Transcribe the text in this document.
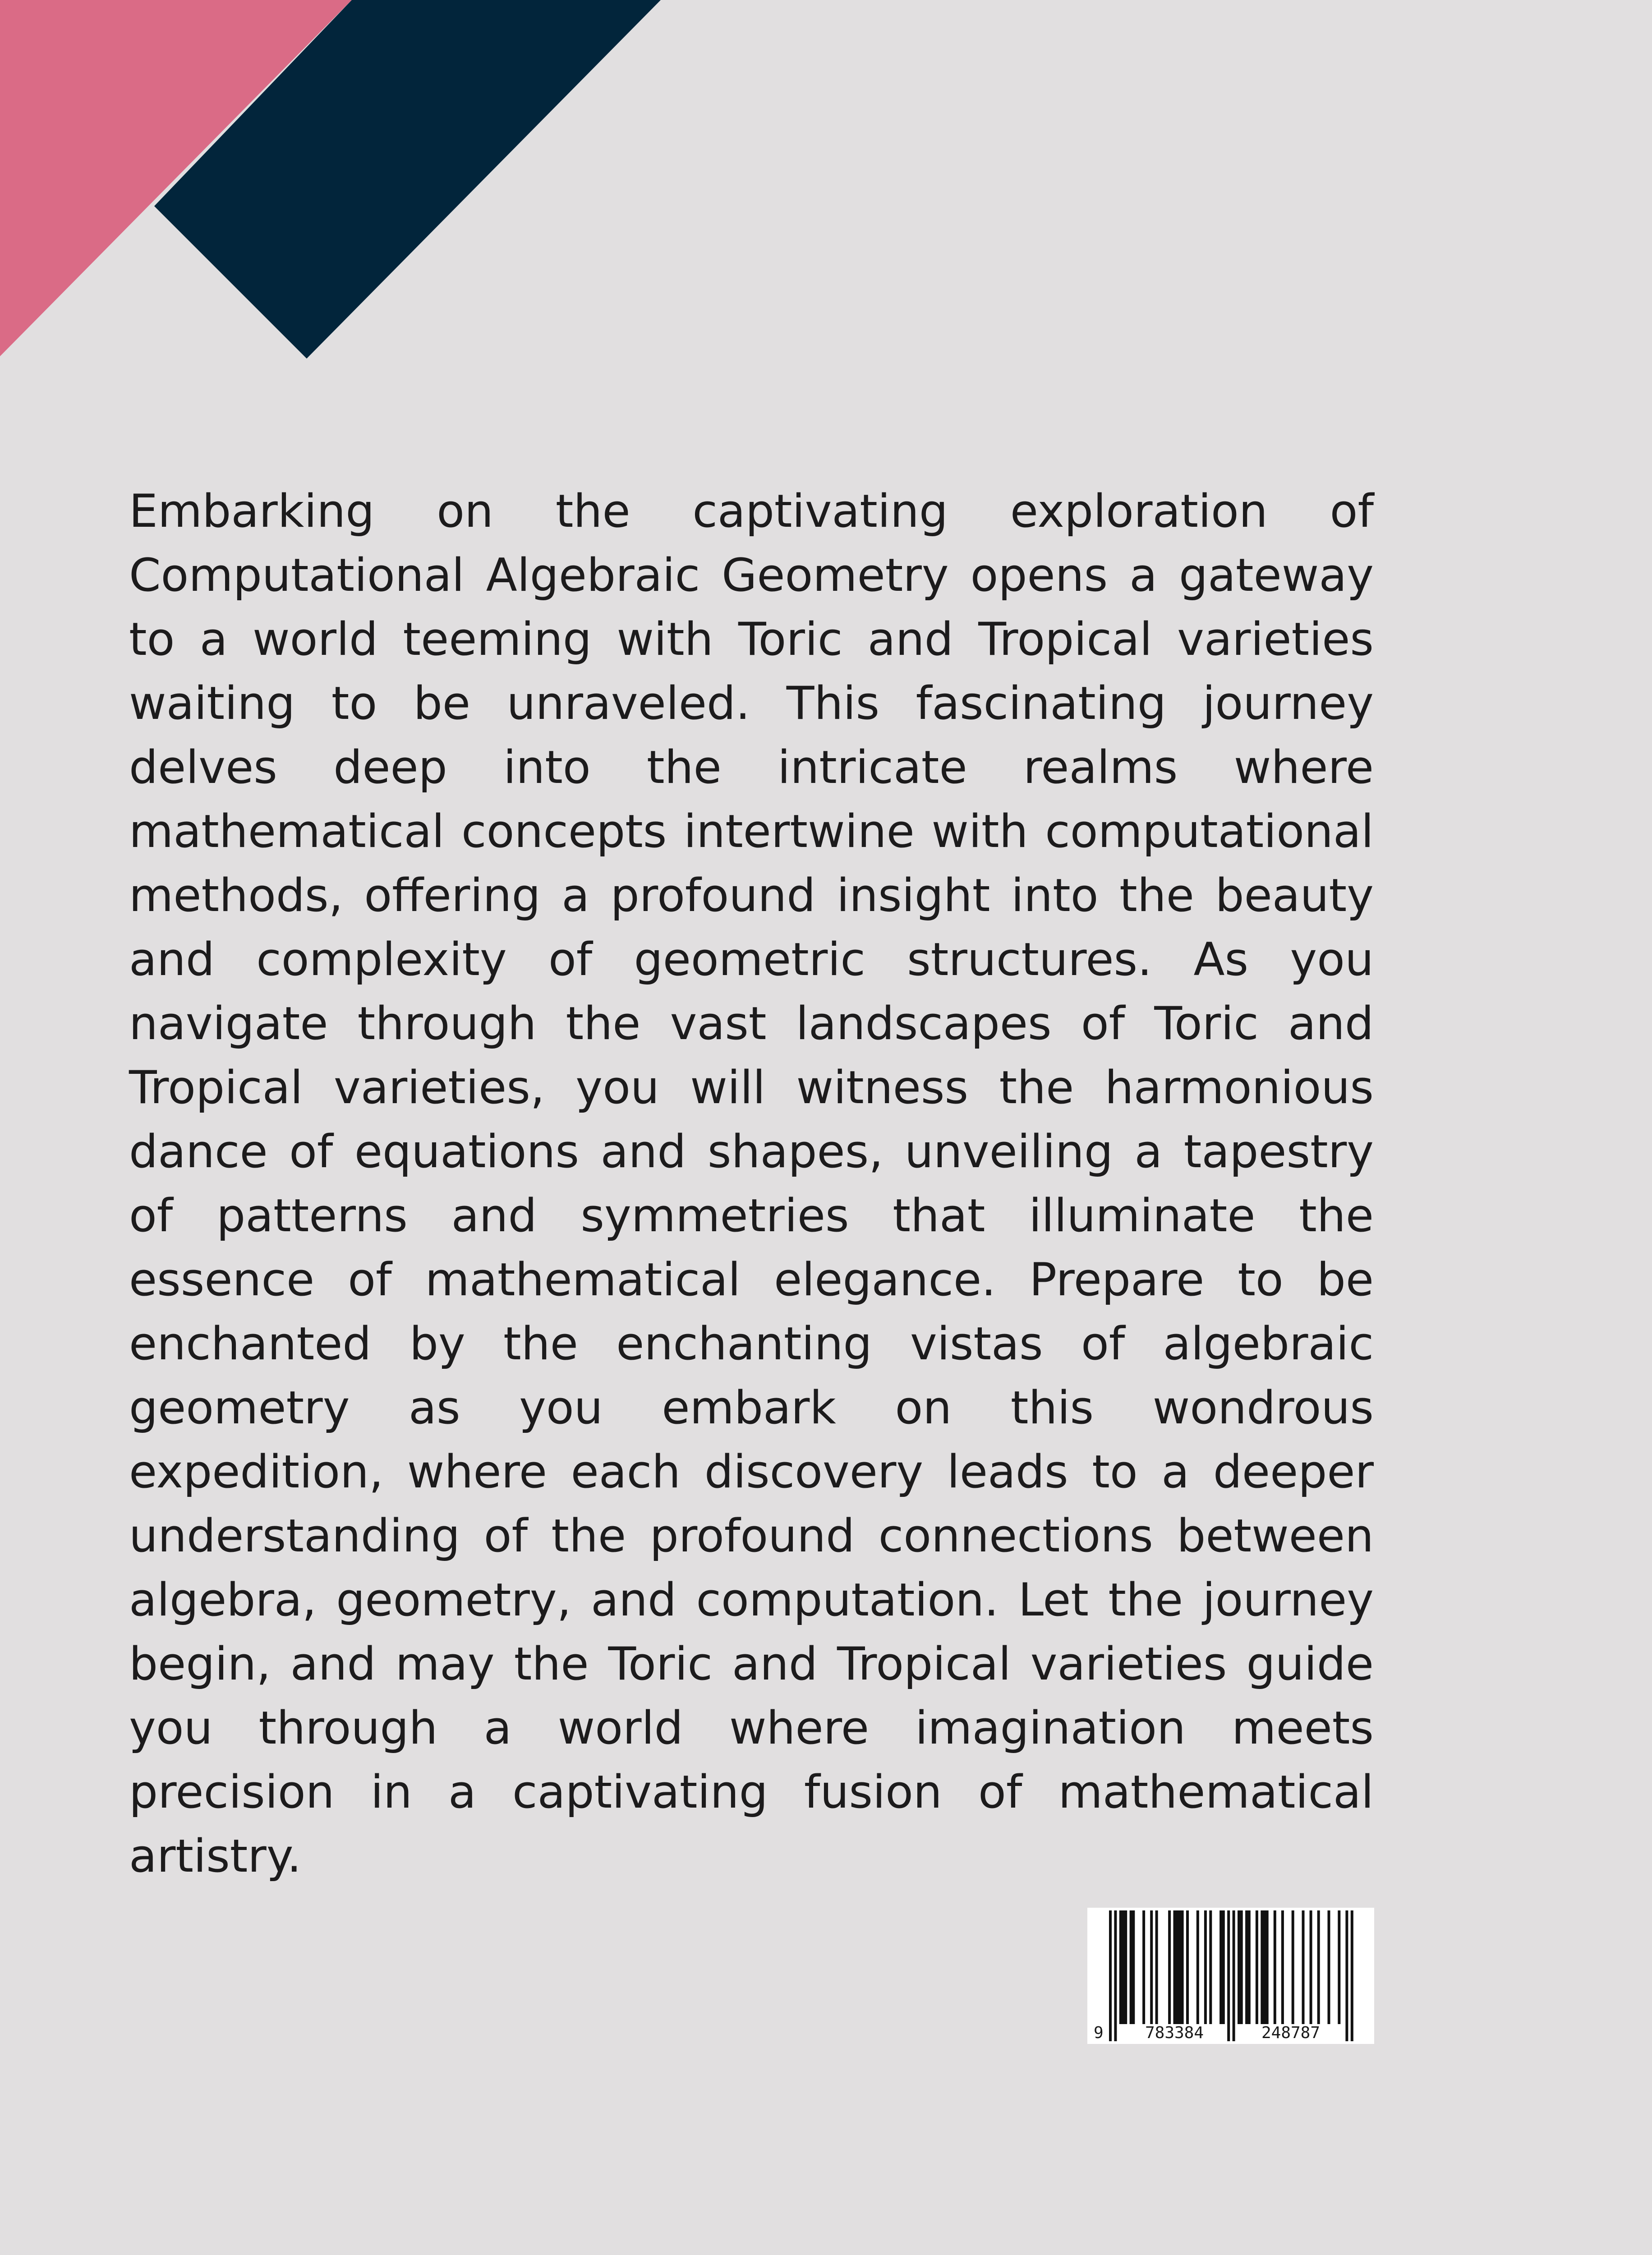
Embarking on the captivating exploration of Computational Algebraic Geometry opens a gateway to a world teeming with Toric and Tropical varieties waiting to be unraveled. This fascinating journey delves deep into the intricate realms where mathematical concepts intertwine with computational methods, offering a profound insight into the beauty and complexity of geometric structures. As you navigate through the vast landscapes of Toric and Tropical varieties, you will witness the harmonious dance of equations and shapes, unveiling a tapestry of patterns and symmetries that illuminate the essence of mathematical elegance. Prepare to be enchanted by the enchanting vistas of algebraic geometry as you embark on this wondrous expedition, where each discovery leads to a deeper understanding of the profound connections between algebra, geometry, and computation. Let the journey begin, and may the Toric and Tropical varieties guide you through a world where imagination meets precision in a captivating fusion of mathematical artistry.

9	783384	248787
